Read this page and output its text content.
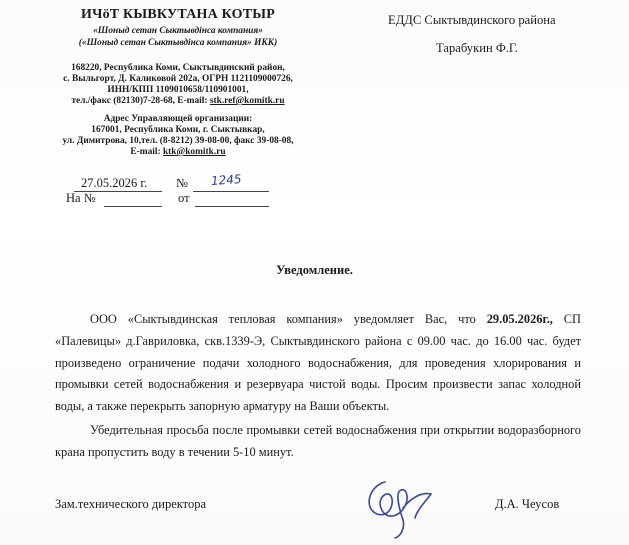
ИЧӧТ КЫВКУТАНА КОТЫР
«Шоныд сетан Сыктывдінса компания»
(«Шоныд сетан Сыктывдінса компания» ИКК)
168220, Республика Коми, Сыктывдинский район,
с. Выльгорт, Д. Каликовой 202а, ОГРН 1121109000726,
ИНН/КПП 1109010658/110901001,
тел./факс (82130)7-28-68, E-mail: stk.ref@komitk.ru
Адрес Управляющей организации:
167001, Республика Коми, г. Сыктывкар,
ул. Димитрова, 10,тел. (8-8212) 39-08-00, факс 39-08-08,
E-mail: ktk@komitk.ru
ЕДДС Сыктывдинского района
Тарабукин Ф.Г.
27.05.2026 г. № 1245
На №	от
Уведомление.

ООО «Сыктывдинская тепловая компания» уведомляет Вас, что 29.05.2026г., СП «Палевицы» д.Гавриловка, скв.1339-Э, Сыктывдинского района с 09.00 час. до 16.00 час. будет произведено ограничение подачи холодного водоснабжения, для проведения хлорирования и промывки сетей водоснабжения и резервуара чистой воды. Просим произвести запас холодной воды, а также перекрыть запорную арматуру на Ваши объекты.

Убедительная просьба после промывки сетей водоснабжения при открытии водоразборного крана пропустить воду в течении 5-10 минут.

Зам.технического директора	Д.А. Чеусов
